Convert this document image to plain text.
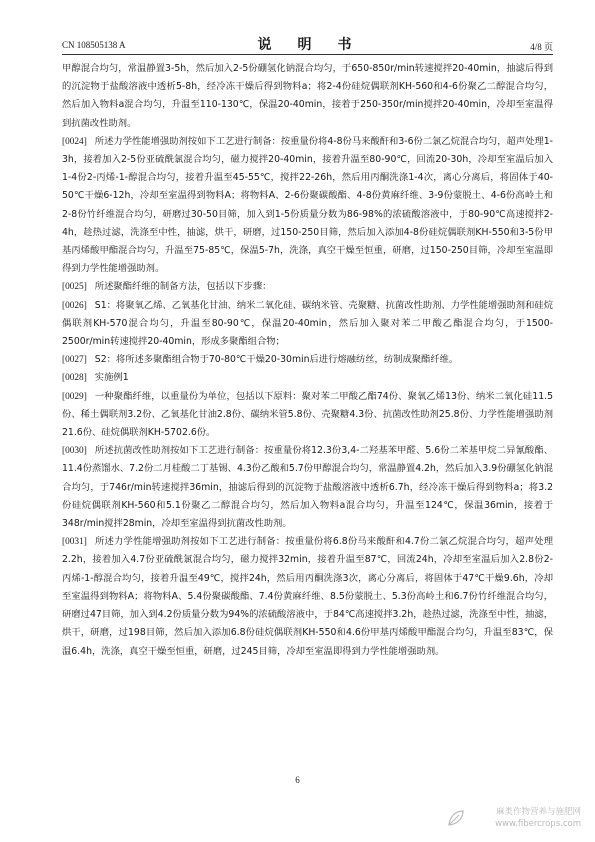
CN 108505138 A	说　明　书	4/8 页

甲醇混合均匀，常温静置3-5h，然后加入2-5份硼氢化钠混合均匀，于650-850r/min转速搅拌20-40min，抽滤后得到的沉淀物于盐酸溶液中透析5-8h，经冷冻干燥后得到物料a；将2-4份硅烷偶联剂KH-560和4-6份聚乙二醇混合均匀，然后加入物料a混合均匀，升温至110-130℃，保温20-40min，接着于250-350r/min搅拌20-40min，冷却至室温得到抗菌改性助剂。

[0024] 所述力学性能增强助剂按如下工艺进行制备：按重量份将4-8份马来酸酐和3-6份二氯乙烷混合均匀，超声处理1-3h，接着加入2-5份亚硫酰氯混合均匀，磁力搅拌20-40min，接着升温至80-90℃，回流20-30h，冷却至室温后加入1-4份2-丙烯-1-醇混合均匀，接着升温至45-55℃，搅拌22-26h，然后用丙酮洗涤1-4次，离心分离后，将固体于40-50℃干燥6-12h，冷却至室温得到物料A；将物料A、2-6份聚碳酸酯、4-8份黄麻纤维、3-9份蒙脱土、4-6份高岭土和2-8份竹纤维混合均匀，研磨过30-50目筛，加入到1-5份质量分数为86-98%的浓硫酸溶液中，于80-90℃高速搅拌2-4h，趁热过滤，洗涤至中性，抽滤，烘干，研磨，过150-250目筛，然后加入添加4-8份硅烷偶联剂KH-550和3-5份甲基丙烯酸甲酯混合均匀，升温至75-85℃，保温5-7h，洗涤，真空干燥至恒重，研磨，过150-250目筛，冷却至室温即得到力学性能增强助剂。

[0025] 所述聚酯纤维的制备方法，包括以下步骤：

[0026] S1：将聚氧乙烯、乙氧基化甘油、纳米二氧化硅、碳纳米管、壳聚糖、抗菌改性助剂、力学性能增强助剂和硅烷偶联剂KH-570混合均匀，升温至80-90℃，保温20-40min，然后加入聚对苯二甲酸乙酯混合均匀，于1500-2500r/min转速搅拌20-40min，形成多聚酯组合物；

[0027] S2：将所述多聚酯组合物于70-80℃干燥20-30min后进行熔融纺丝，纺制成聚酯纤维。

[0028] 实施例1

[0029] 一种聚酯纤维，以重量份为单位，包括以下原料：聚对苯二甲酸乙酯74份、聚氧乙烯13份、纳米二氧化硅11.5份、稀土偶联剂3.2份、乙氧基化甘油2.8份、碳纳米管5.8份、壳聚糖4.3份、抗菌改性助剂25.8份、力学性能增强助剂21.6份、硅烷偶联剂KH-5702.6份。

[0030] 所述抗菌改性助剂按如下工艺进行制备：按重量份将12.3份3,4-二羟基苯甲醛、5.6份二苯基甲烷二异氰酸酯、11.4份蒸馏水、7.2份二月桂酸二丁基锡、4.3份乙酸和5.7份甲醇混合均匀，常温静置4.2h，然后加入3.9份硼氢化钠混合均匀，于746r/min转速搅拌36min，抽滤后得到的沉淀物于盐酸溶液中透析6.7h，经冷冻干燥后得到物料a；将3.2份硅烷偶联剂KH-560和5.1份聚乙二醇混合均匀，然后加入物料a混合均匀，升温至124℃，保温36min，接着于348r/min搅拌28min，冷却至室温得到抗菌改性助剂。

[0031] 所述力学性能增强助剂按如下工艺进行制备：按重量份将6.8份马来酸酐和4.7份二氯乙烷混合均匀，超声处理2.2h，接着加入4.7份亚硫酰氯混合均匀，磁力搅拌32min，接着升温至87℃，回流24h，冷却至室温后加入2.8份2-丙烯-1-醇混合均匀，接着升温至49℃，搅拌24h，然后用丙酮洗涤3次，离心分离后，将固体于47℃干燥9.6h，冷却至室温得到物料A；将物料A、5.4份聚碳酸酯、7.4份黄麻纤维、8.5份蒙脱土、5.3份高岭土和6.7份竹纤维混合均匀，研磨过47目筛，加入到4.2份质量分数为94%的浓硫酸溶液中，于84℃高速搅拌3.2h，趁热过滤，洗涤至中性，抽滤，烘干，研磨，过198目筛，然后加入添加6.8份硅烷偶联剂KH-550和4.6份甲基丙烯酸甲酯混合均匀，升温至83℃，保温6.4h，洗涤，真空干燥至恒重，研磨，过245目筛，冷却至室温即得到力学性能增强助剂。

6
麻类作物营养与施肥网
www.fibercrops.com
